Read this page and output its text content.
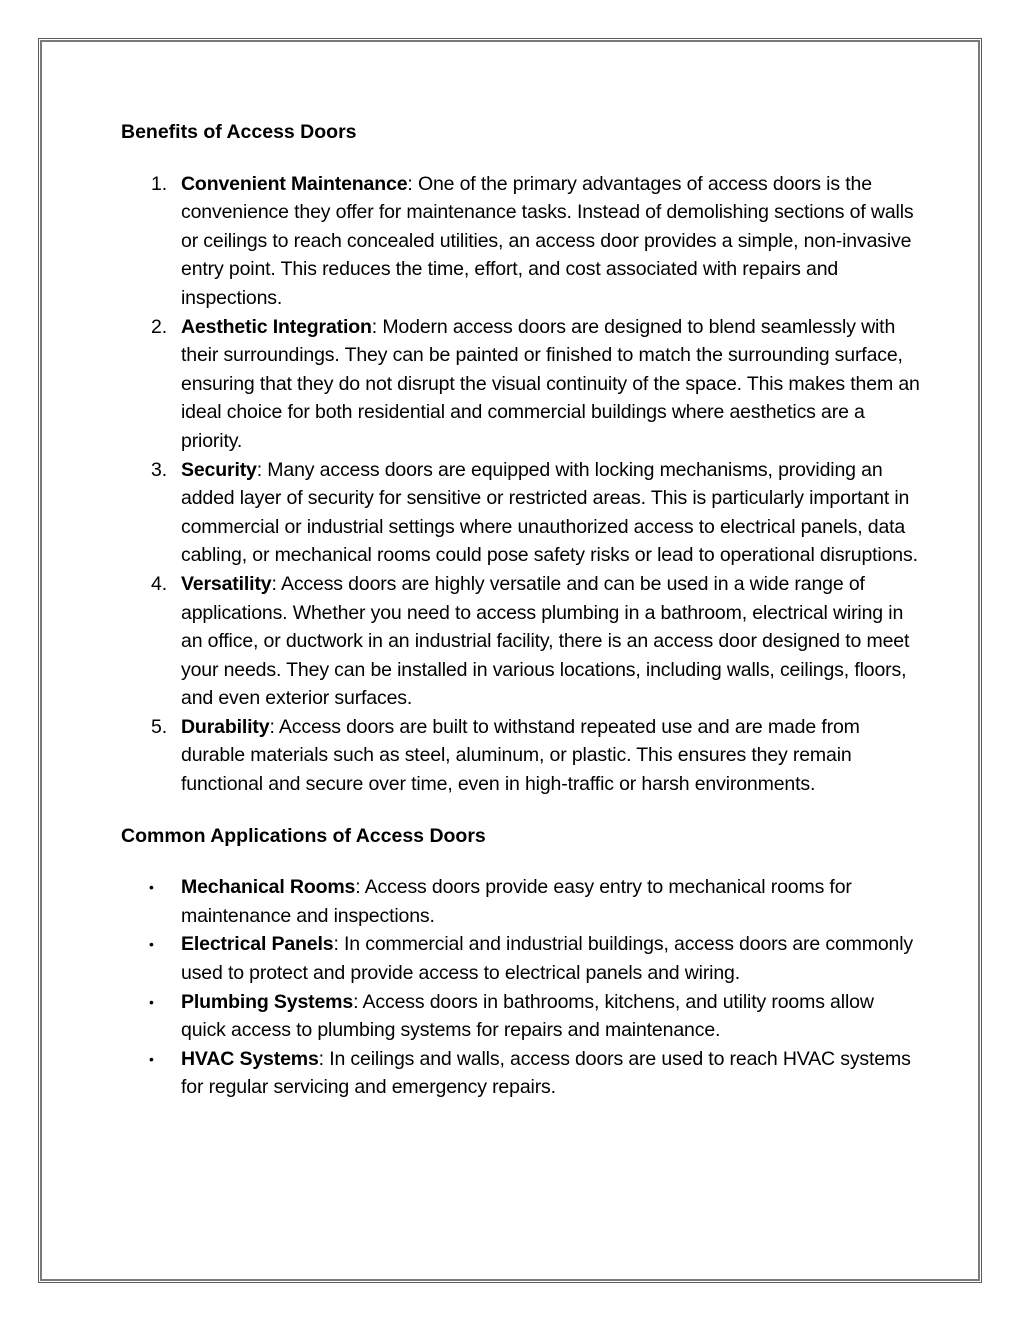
Benefits of Access Doors
1. Convenient Maintenance: One of the primary advantages of access doors is the convenience they offer for maintenance tasks. Instead of demolishing sections of walls or ceilings to reach concealed utilities, an access door provides a simple, non-invasive entry point. This reduces the time, effort, and cost associated with repairs and inspections.
2. Aesthetic Integration: Modern access doors are designed to blend seamlessly with their surroundings. They can be painted or finished to match the surrounding surface, ensuring that they do not disrupt the visual continuity of the space. This makes them an ideal choice for both residential and commercial buildings where aesthetics are a priority.
3. Security: Many access doors are equipped with locking mechanisms, providing an added layer of security for sensitive or restricted areas. This is particularly important in commercial or industrial settings where unauthorized access to electrical panels, data cabling, or mechanical rooms could pose safety risks or lead to operational disruptions.
4. Versatility: Access doors are highly versatile and can be used in a wide range of applications. Whether you need to access plumbing in a bathroom, electrical wiring in an office, or ductwork in an industrial facility, there is an access door designed to meet your needs. They can be installed in various locations, including walls, ceilings, floors, and even exterior surfaces.
5. Durability: Access doors are built to withstand repeated use and are made from durable materials such as steel, aluminum, or plastic. This ensures they remain functional and secure over time, even in high-traffic or harsh environments.
Common Applications of Access Doors
• Mechanical Rooms: Access doors provide easy entry to mechanical rooms for maintenance and inspections.
• Electrical Panels: In commercial and industrial buildings, access doors are commonly used to protect and provide access to electrical panels and wiring.
• Plumbing Systems: Access doors in bathrooms, kitchens, and utility rooms allow quick access to plumbing systems for repairs and maintenance.
• HVAC Systems: In ceilings and walls, access doors are used to reach HVAC systems for regular servicing and emergency repairs.
